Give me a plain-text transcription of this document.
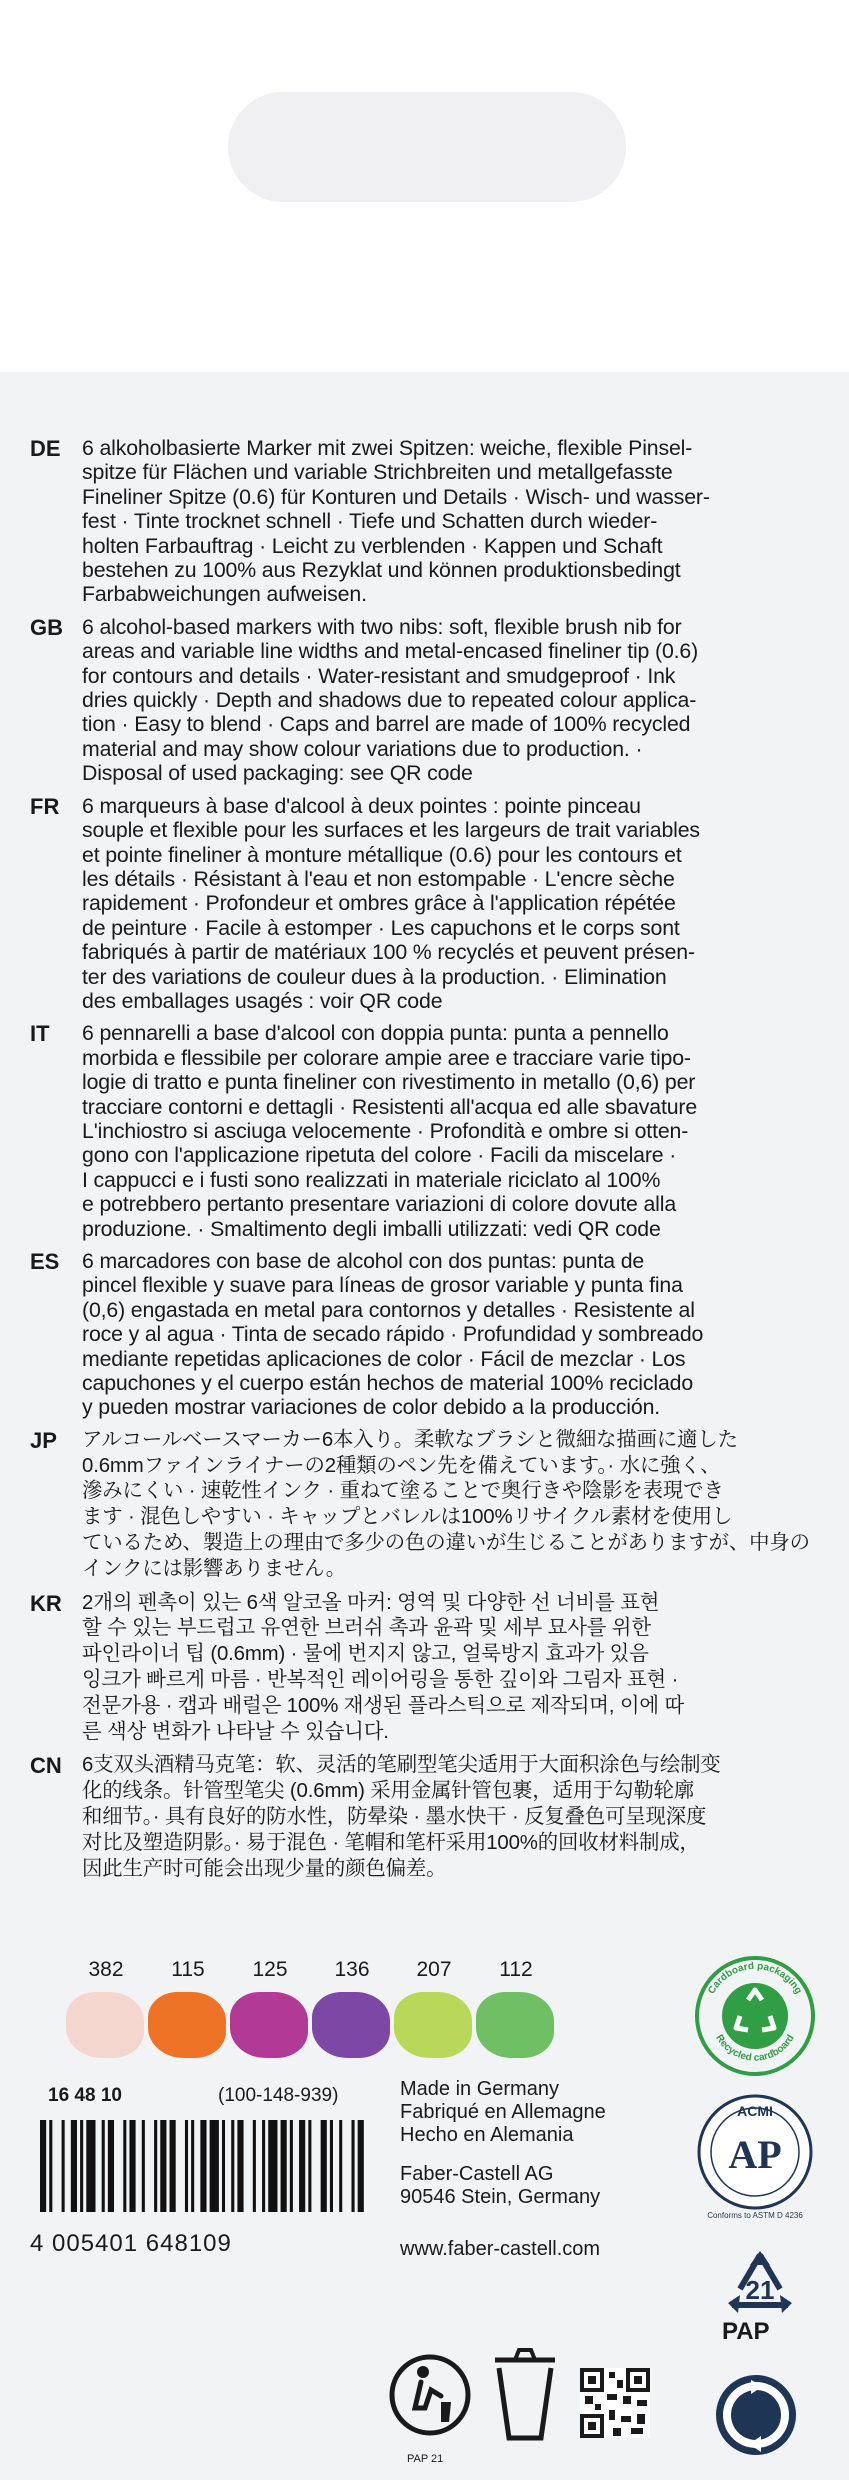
DE	6 alkoholbasierte Marker mit zwei Spitzen: weiche, flexible Pinsel-
spitze für Flächen und variable Strichbreiten und metallgefasste
Fineliner Spitze (0.6) für Konturen und Details · Wisch- und wasser-
fest · Tinte trocknet schnell · Tiefe und Schatten durch wieder-
holten Farbauftrag · Leicht zu verblenden · Kappen und Schaft
bestehen zu 100% aus Rezyklat und können produktionsbedingt
Farbabweichungen aufweisen.
GB 6 alcohol-based markers with two nibs: soft, flexible brush nib for
areas and variable line widths and metal-encased fineliner tip (0.6)
for contours and details · Water-resistant and smudgeproof · Ink
dries quickly · Depth and shadows due to repeated colour applica-
tion · Easy to blend · Caps and barrel are made of 100% recycled
material and may show colour variations due to production. ·
Disposal of used packaging: see QR code
FR	6 marqueurs à base d'alcool à deux pointes : pointe pinceau
souple et flexible pour les surfaces et les largeurs de trait variables
et pointe fineliner à monture métallique (0.6) pour les contours et
les détails · Résistant à l'eau et non estompable · L'encre sèche
rapidement · Profondeur et ombres grâce à l'application répétée
de peinture · Facile à estomper · Les capuchons et le corps sont
fabriqués à partir de matériaux 100 % recyclés et peuvent présen-
ter des variations de couleur dues à la production. · Elimination
des emballages usagés : voir QR code
IT	6 pennarelli a base d'alcool con doppia punta: punta a pennello
morbida e flessibile per colorare ampie aree e tracciare varie tipo-
logie di tratto e punta fineliner con rivestimento in metallo (0,6) per
tracciare contorni e dettagli · Resistenti all'acqua ed alle sbavature
L'inchiostro si asciuga velocemente · Profondità e ombre si otten-
gono con l'applicazione ripetuta del colore · Facili da miscelare ·
I cappucci e i fusti sono realizzati in materiale riciclato al 100%
e potrebbero pertanto presentare variazioni di colore dovute alla
produzione. · Smaltimento degli imballi utilizzati: vedi QR code
ES	6 marcadores con base de alcohol con dos puntas: punta de
pincel flexible y suave para líneas de grosor variable y punta fina
(0,6) engastada en metal para contornos y detalles · Resistente al
roce y al agua · Tinta de secado rápido · Profundidad y sombreado
mediante repetidas aplicaciones de color · Fácil de mezclar · Los
capuchones y el cuerpo están hechos de material 100% reciclado
y pueden mostrar variaciones de color debido a la producción.
JP	アルコールベースマーカー6本入り。柔軟なブラシと微細な描画に適した
0.6mmファインライナーの2種類のペン先を備えています。· 水に強く、
滲みにくい · 速乾性インク · 重ねて塗ることで奥行きや陰影を表現でき
ます · 混色しやすい · キャップとバレルは100%リサイクル素材を使用し
ているため、製造上の理由で多少の色の違いが生じることがありますが、中身のインクには影響ありません。
KR 2개의 펜촉이 있는 6색 알코올 마커: 영역 및 다양한 선 너비를 표현
할 수 있는 부드럽고 유연한 브러쉬 촉과 윤곽 및 세부 묘사를 위한
파인라이너 팁 (0.6mm) · 물에 번지지 않고, 얼룩방지 효과가 있음
잉크가 빠르게 마름 · 반복적인 레이어링을 통한 깊이와 그림자 표현 ·
전문가용 · 캡과 배럴은 100% 재생된 플라스틱으로 제작되며, 이에 따
른 색상 변화가 나타날 수 있습니다.
CN 6支双头酒精马克笔：软、灵活的笔刷型笔尖适用于大面积涂色与绘制变
化的线条。针管型笔尖 (0.6mm) 采用金属针管包裹，适用于勾勒轮廓
和细节。· 具有良好的防水性，防晕染 · 墨水快干 · 反复叠色可呈现深度
对比及塑造阴影。· 易于混色 · 笔帽和笔杆采用100%的回收材料制成，
因此生产时可能会出现少量的颜色偏差。
382	115	125	136	207	112
16 48 10	(100-148-939)
4 005401 648109
Made in Germany
Fabriqué en Allemagne
Hecho en Alemania
Faber-Castell AG
90546 Stein, Germany
www.faber-castell.com
Cardboard packaging
Recycled cardboard
ACMI
AP
Conforms to ASTM D 4236
21
PAP
PAP 21
